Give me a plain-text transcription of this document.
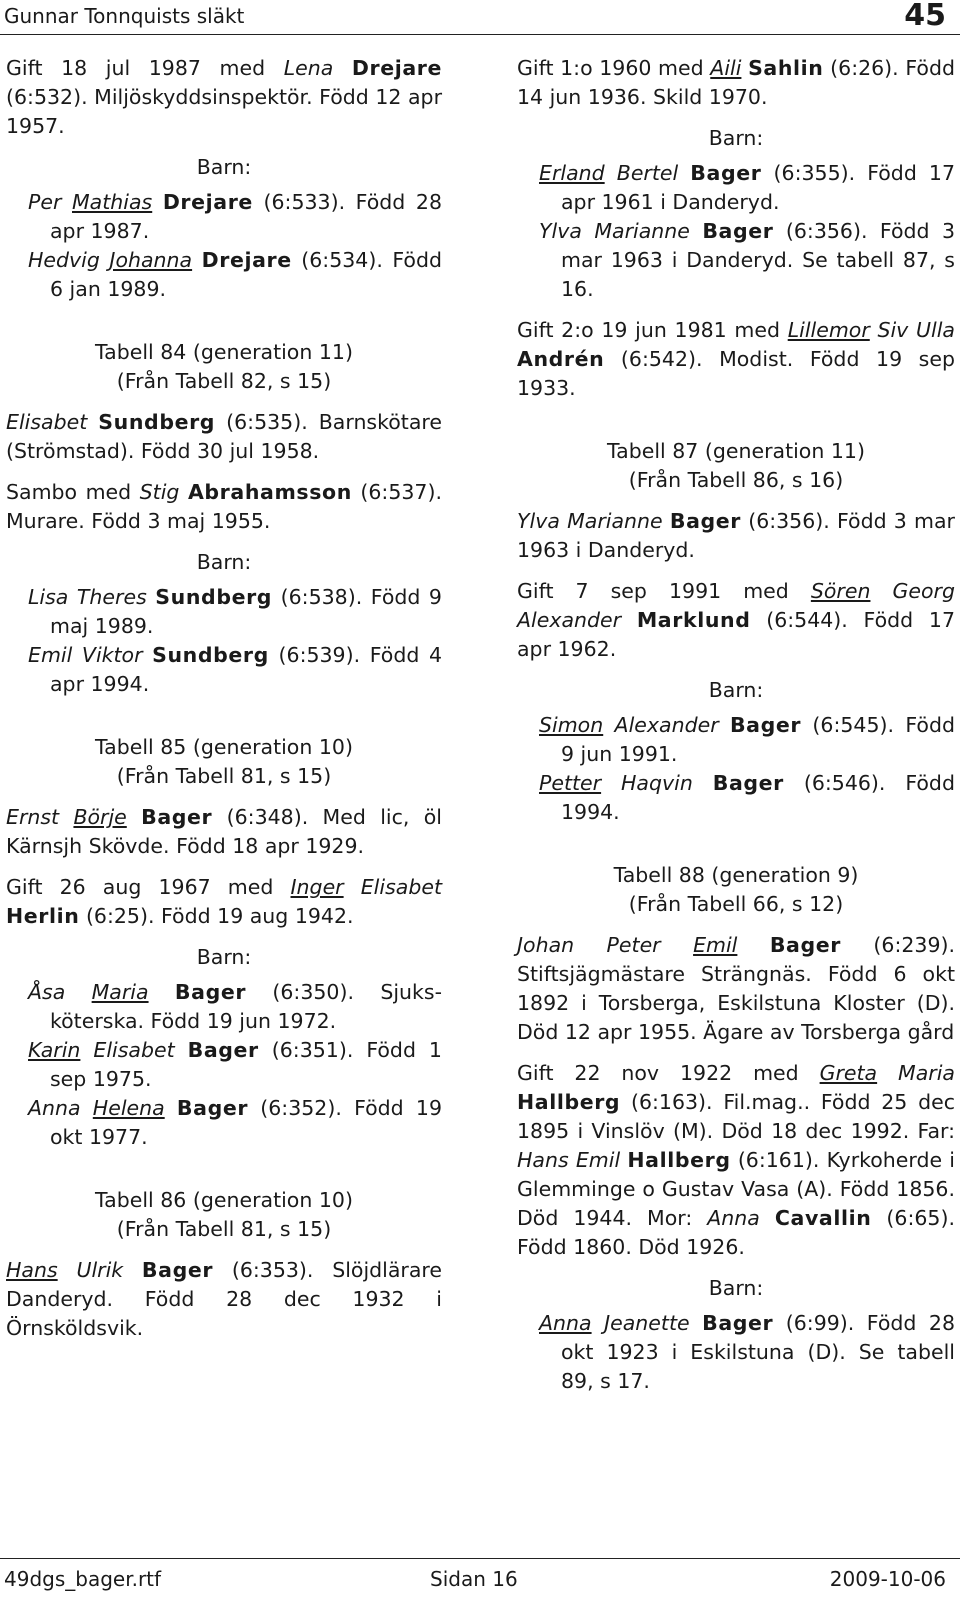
Gunnar Tonnquists släkt	45

Gift 18 jul 1987 med Lena Drejare (6:532). Miljöskyddsinspektör. Född 12 apr 1957.

Barn:

Per Mathias Drejare (6:533). Född 28 apr 1987.

Hedvig Johanna Drejare (6:534). Född 6 jan 1989.

Tabell 84 (generation 11)

(Från Tabell 82, s 15)

Elisabet Sundberg (6:535). Barnskötare (Strömstad). Född 30 jul 1958.

Sambo med Stig Abrahamsson (6:537). Murare. Född 3 maj 1955.

Barn:

Lisa Theres Sundberg (6:538). Född 9 maj 1989.

Emil Viktor Sundberg (6:539). Född 4 apr 1994.

Tabell 85 (generation 10)

(Från Tabell 81, s 15)

Ernst Börje Bager (6:348). Med lic, öl Kärnsjh Skövde. Född 18 apr 1929.

Gift 26 aug 1967 med Inger Elisabet Herlin (6:25). Född 19 aug 1942.

Barn:

Åsa Maria Bager (6:350). Sjuksköterska. Född 19 jun 1972.

Karin Elisabet Bager (6:351). Född 1 sep 1975.

Anna Helena Bager (6:352). Född 19 okt 1977.

Tabell 86 (generation 10)

(Från Tabell 81, s 15)

Hans Ulrik Bager (6:353). Slöjdlärare Danderyd. Född 28 dec 1932 i Örnsköldsvik.

Gift 1:o 1960 med Aili Sahlin (6:26). Född 14 jun 1936. Skild 1970.

Barn:

Erland Bertel Bager (6:355). Född 17 apr 1961 i Danderyd.

Ylva Marianne Bager (6:356). Född 3 mar 1963 i Danderyd. Se tabell 87, s 16.

Gift 2:o 19 jun 1981 med Lillemor Siv Ulla Andrén (6:542). Modist. Född 19 sep 1933.

Tabell 87 (generation 11)

(Från Tabell 86, s 16)

Ylva Marianne Bager (6:356). Född 3 mar 1963 i Danderyd.

Gift 7 sep 1991 med Sören Georg Alexander Marklund (6:544). Född 17 apr 1962.

Barn:

Simon Alexander Bager (6:545). Född 9 jun 1991.

Petter Haqvin Bager (6:546). Född 1994.

Tabell 88 (generation 9)

(Från Tabell 66, s 12)

Johan Peter Emil Bager (6:239). Stiftsjägmästare Strängnäs. Född 6 okt 1892 i Torsberga, Eskilstuna Kloster (D). Död 12 apr 1955. Ägare av Torsberga gård

Gift 22 nov 1922 med Greta Maria Hallberg (6:163). Fil.mag.. Född 25 dec 1895 i Vinslöv (M). Död 18 dec 1992. Far: Hans Emil Hallberg (6:161). Kyrkoherde i Glemminge o Gustav Vasa (A). Född 1856. Död 1944. Mor: Anna Cavallin (6:65). Född 1860. Död 1926.

Barn:

Anna Jeanette Bager (6:99). Född 28 okt 1923 i Eskilstuna (D). Se tabell 89, s 17.

49dgs_bager.rtf	Sidan 16	2009-10-06
